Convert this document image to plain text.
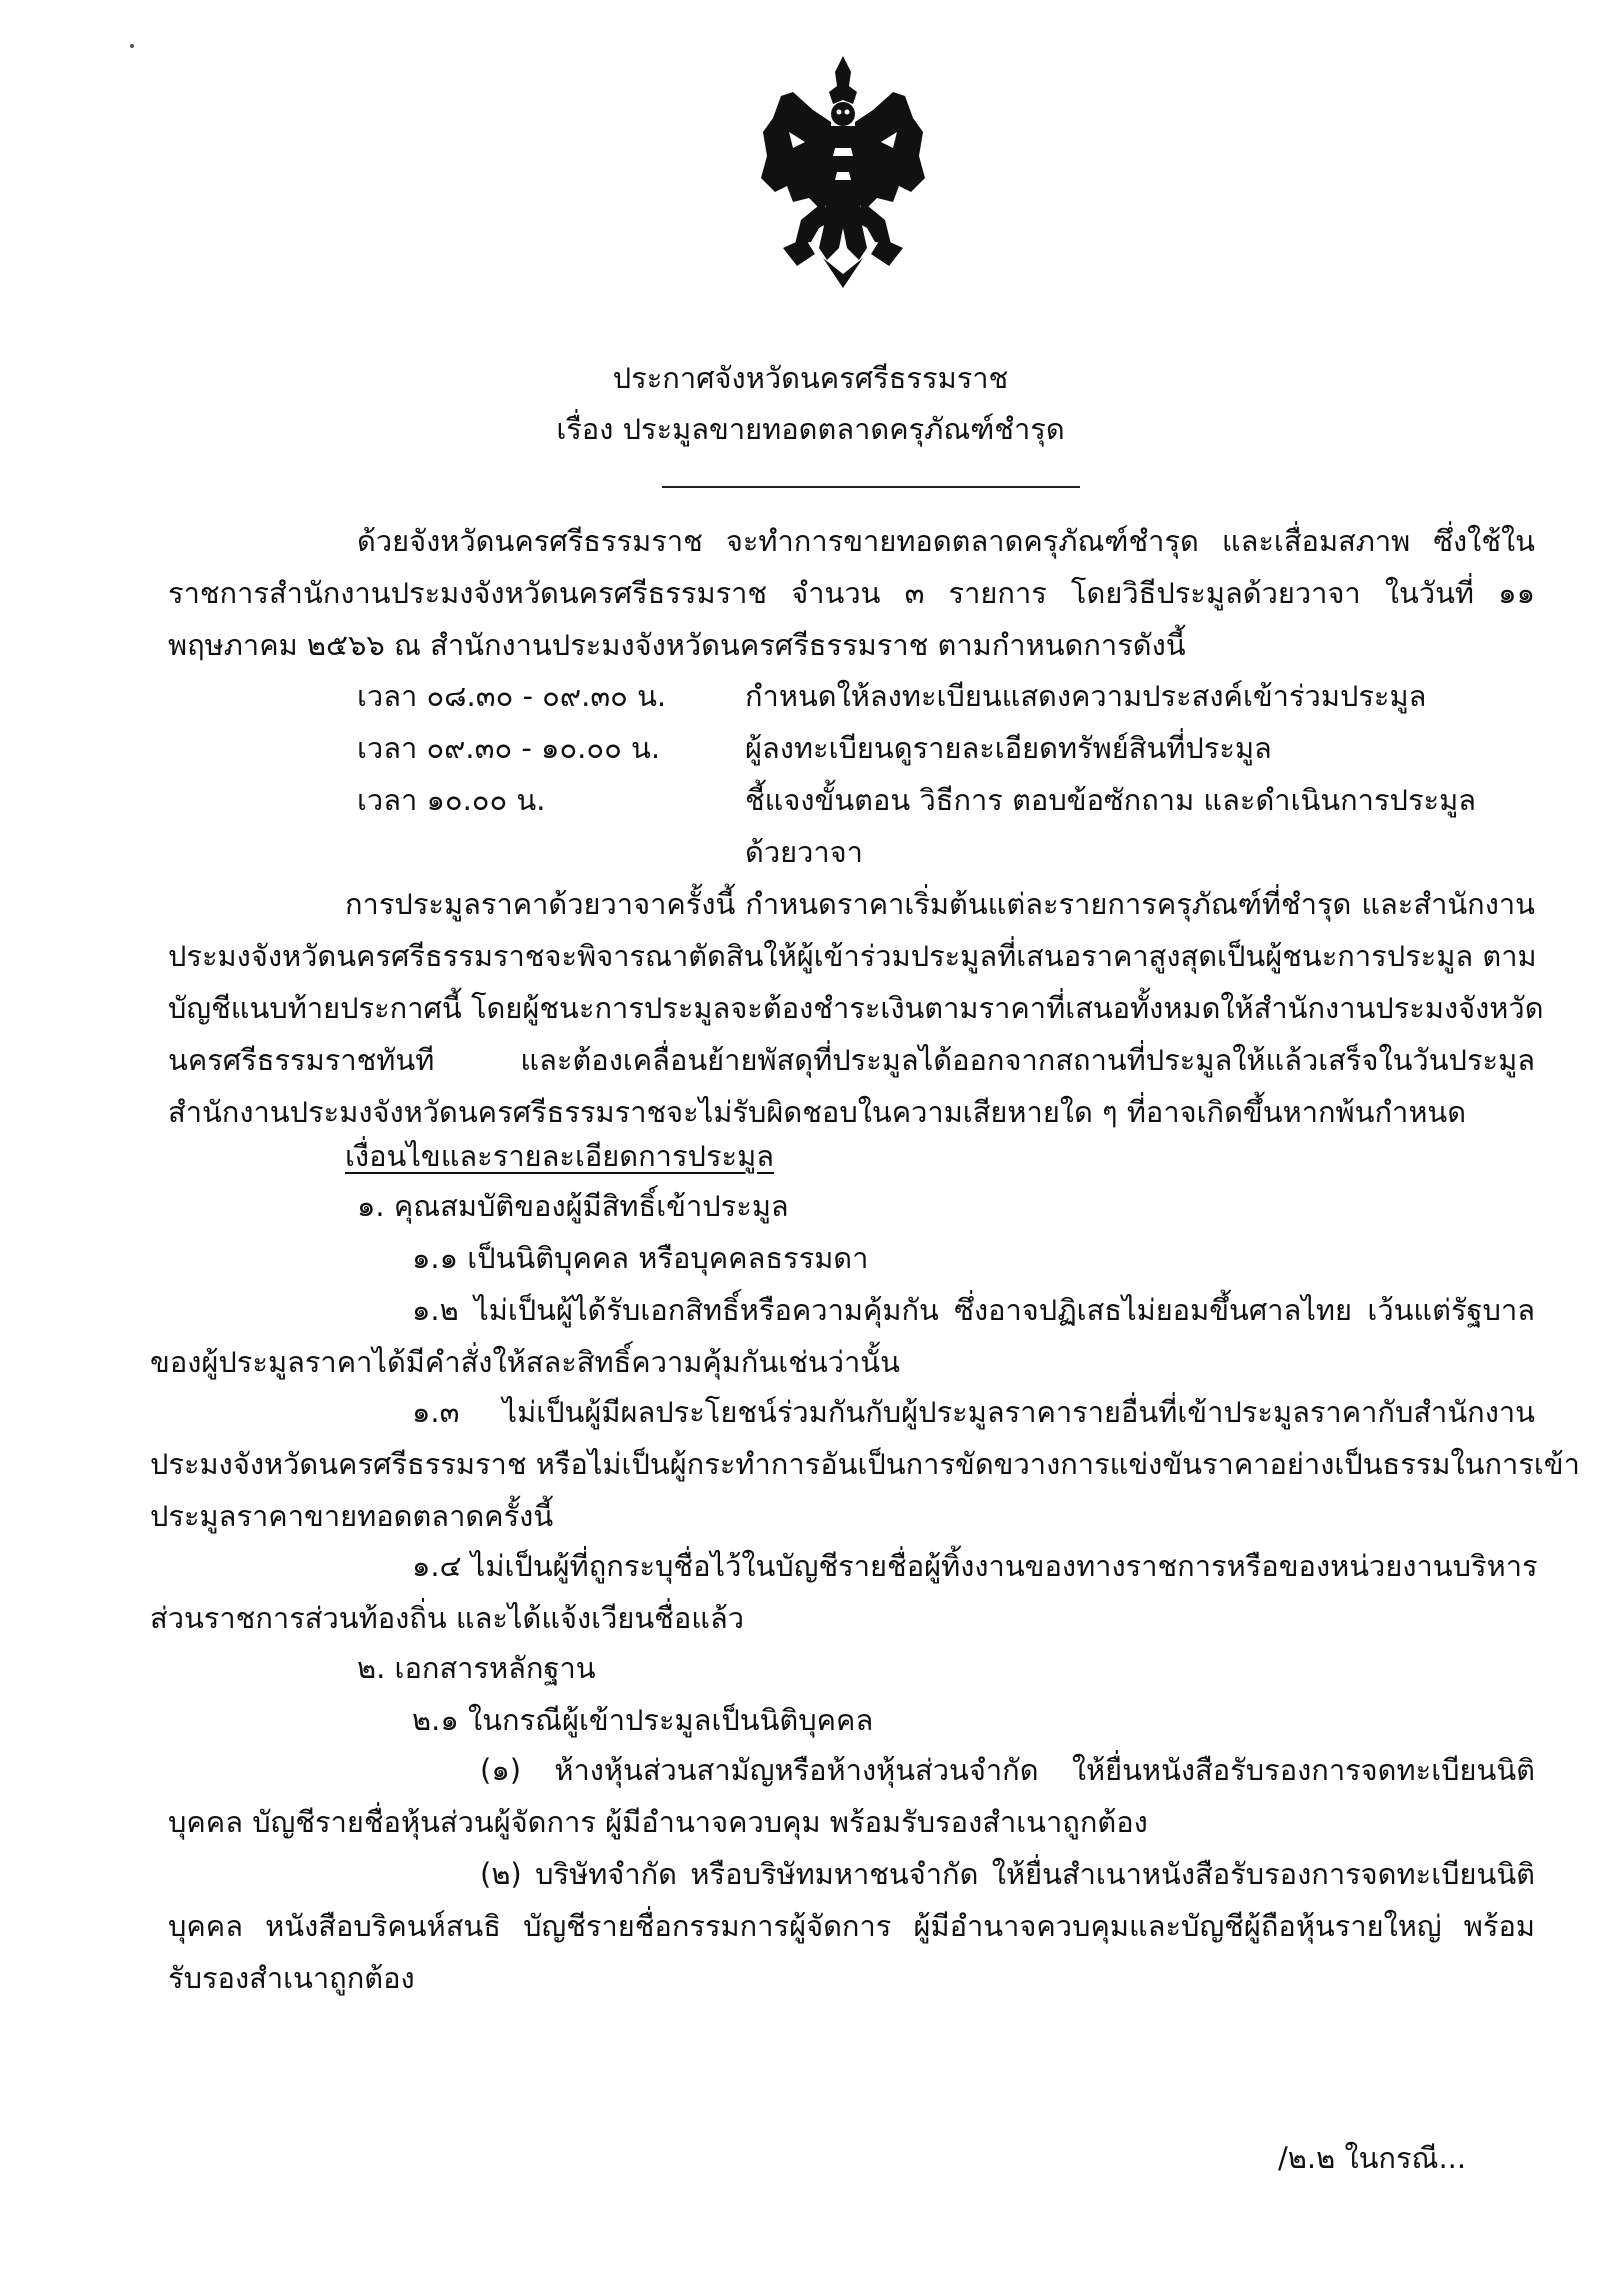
ประกาศจังหวัดนครศรีธรรมราช
เรื่อง ประมูลขายทอดตลาดครุภัณฑ์ชำรุด
ด้วยจังหวัดนครศรีธรรมราช จะทำการขายทอดตลาดครุภัณฑ์ชำรุด และเสื่อมสภาพ ซึ่งใช้ใน
ราชการสำนักงานประมงจังหวัดนครศรีธรรมราช จำนวน ๓ รายการ โดยวิธีประมูลด้วยวาจา ในวันที่ ๑๑
พฤษภาคม ๒๕๖๖ ณ สำนักงานประมงจังหวัดนครศรีธรรมราช ตามกำหนดการดังนี้
เวลา ๐๘.๓๐ - ๐๙.๓๐ น.	กำหนดให้ลงทะเบียนแสดงความประสงค์เข้าร่วมประมูล
เวลา ๐๙.๓๐ - ๑๐.๐๐ น.	ผู้ลงทะเบียนดูรายละเอียดทรัพย์สินที่ประมูล
เวลา ๑๐.๐๐ น.	ชี้แจงขั้นตอน วิธีการ ตอบข้อซักถาม และดำเนินการประมูล
ด้วยวาจา
การประมูลราคาด้วยวาจาครั้งนี้ กำหนดราคาเริ่มต้นแต่ละรายการครุภัณฑ์ที่ชำรุด และสำนักงาน
ประมงจังหวัดนครศรีธรรมราชจะพิจารณาตัดสินให้ผู้เข้าร่วมประมูลที่เสนอราคาสูงสุดเป็นผู้ชนะการประมูล ตาม
บัญชีแนบท้ายประกาศนี้ โดยผู้ชนะการประมูลจะต้องชำระเงินตามราคาที่เสนอทั้งหมดให้สำนักงานประมงจังหวัด
นครศรีธรรมราชทันที และต้องเคลื่อนย้ายพัสดุที่ประมูลได้ออกจากสถานที่ประมูลให้แล้วเสร็จในวันประมูล
สำนักงานประมงจังหวัดนครศรีธรรมราชจะไม่รับผิดชอบในความเสียหายใด ๆ ที่อาจเกิดขึ้นหากพ้นกำหนด
เงื่อนไขและรายละเอียดการประมูล
๑. คุณสมบัติของผู้มีสิทธิ์เข้าประมูล
๑.๑ เป็นนิติบุคคล หรือบุคคลธรรมดา
๑.๒ ไม่เป็นผู้ได้รับเอกสิทธิ์หรือความคุ้มกัน ซึ่งอาจปฏิเสธไม่ยอมขึ้นศาลไทย เว้นแต่รัฐบาล
ของผู้ประมูลราคาได้มีคำสั่งให้สละสิทธิ์ความคุ้มกันเช่นว่านั้น
๑.๓ ไม่เป็นผู้มีผลประโยชน์ร่วมกันกับผู้ประมูลราคารายอื่นที่เข้าประมูลราคากับสำนักงาน
ประมงจังหวัดนครศรีธรรมราช หรือไม่เป็นผู้กระทำการอันเป็นการขัดขวางการแข่งขันราคาอย่างเป็นธรรมในการเข้า
ประมูลราคาขายทอดตลาดครั้งนี้
๑.๔ ไม่เป็นผู้ที่ถูกระบุชื่อไว้ในบัญชีรายชื่อผู้ทิ้งงานของทางราชการหรือของหน่วยงานบริหาร
ส่วนราชการส่วนท้องถิ่น และได้แจ้งเวียนชื่อแล้ว
๒. เอกสารหลักฐาน
๒.๑ ในกรณีผู้เข้าประมูลเป็นนิติบุคคล
(๑) ห้างหุ้นส่วนสามัญหรือห้างหุ้นส่วนจำกัด ให้ยื่นหนังสือรับรองการจดทะเบียนนิติ
บุคคล บัญชีรายชื่อหุ้นส่วนผู้จัดการ ผู้มีอำนาจควบคุม พร้อมรับรองสำเนาถูกต้อง
(๒) บริษัทจำกัด หรือบริษัทมหาชนจำกัด ให้ยื่นสำเนาหนังสือรับรองการจดทะเบียนนิติ
บุคคล หนังสือบริคนห์สนธิ บัญชีรายชื่อกรรมการผู้จัดการ ผู้มีอำนาจควบคุมและบัญชีผู้ถือหุ้นรายใหญ่ พร้อม
รับรองสำเนาถูกต้อง
/๒.๒ ในกรณี...
